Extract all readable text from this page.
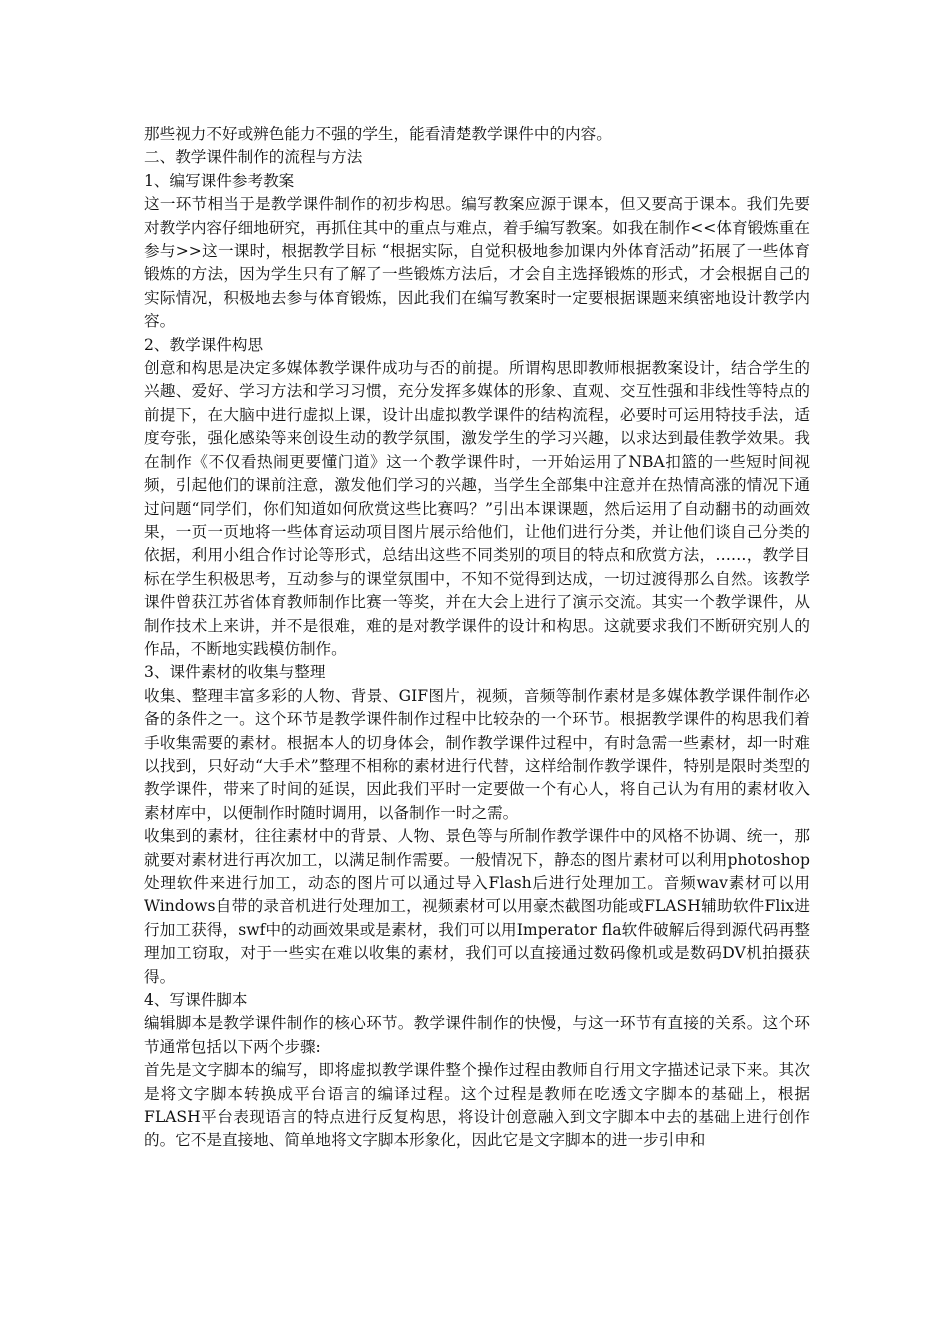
那些视力不好或辨色能力不强的学生，能看清楚教学课件中的内容。

二、教学课件制作的流程与方法

1、编写课件参考教案

这一环节相当于是教学课件制作的初步构思。编写教案应源于课本，但又要高于课本。我们先要对教学内容仔细地研究，再抓住其中的重点与难点，着手编写教案。如我在制作<<体育锻炼重在参与>>这一课时，根据教学目标 “根据实际，自觉积极地参加课内外体育活动”拓展了一些体育锻炼的方法，因为学生只有了解了一些锻炼方法后，才会自主选择锻炼的形式，才会根据自己的实际情况，积极地去参与体育锻炼，因此我们在编写教案时一定要根据课题来缜密地设计教学内容。

2、教学课件构思

创意和构思是决定多媒体教学课件成功与否的前提。所谓构思即教师根据教案设计，结合学生的兴趣、爱好、学习方法和学习习惯，充分发挥多媒体的形象、直观、交互性强和非线性等特点的前提下，在大脑中进行虚拟上课，设计出虚拟教学课件的结构流程，必要时可运用特技手法，适度夸张，强化感染等来创设生动的教学氛围，激发学生的学习兴趣，以求达到最佳教学效果。我在制作《不仅看热闹更要懂门道》这一个教学课件时，一开始运用了NBA扣篮的一些短时间视频，引起他们的课前注意，激发他们学习的兴趣，当学生全部集中注意并在热情高涨的情况下通过问题“同学们，你们知道如何欣赏这些比赛吗？”引出本课课题，然后运用了自动翻书的动画效果，一页一页地将一些体育运动项目图片展示给他们，让他们进行分类，并让他们谈自己分类的依据，利用小组合作讨论等形式，总结出这些不同类别的项目的特点和欣赏方法，……，教学目标在学生积极思考，互动参与的课堂氛围中，不知不觉得到达成，一切过渡得那么自然。该教学课件曾获江苏省体育教师制作比赛一等奖，并在大会上进行了演示交流。其实一个教学课件，从制作技术上来讲，并不是很难，难的是对教学课件的设计和构思。这就要求我们不断研究别人的作品，不断地实践模仿制作。

3、课件素材的收集与整理

收集、整理丰富多彩的人物、背景、GIF图片，视频，音频等制作素材是多媒体教学课件制作必备的条件之一。这个环节是教学课件制作过程中比较杂的一个环节。根据教学课件的构思我们着手收集需要的素材。根据本人的切身体会，制作教学课件过程中，有时急需一些素材，却一时难以找到，只好动“大手术”整理不相称的素材进行代替，这样给制作教学课件，特别是限时类型的教学课件，带来了时间的延误，因此我们平时一定要做一个有心人，将自己认为有用的素材收入素材库中，以便制作时随时调用，以备制作一时之需。

收集到的素材，往往素材中的背景、人物、景色等与所制作教学课件中的风格不协调、统一，那就要对素材进行再次加工，以满足制作需要。一般情况下，静态的图片素材可以利用photoshop处理软件来进行加工，动态的图片可以通过导入Flash后进行处理加工。音频wav素材可以用Windows自带的录音机进行处理加工，视频素材可以用豪杰截图功能或FLASH辅助软件Flix进行加工获得，swf中的动画效果或是素材，我们可以用Imperator fla软件破解后得到源代码再整理加工窃取，对于一些实在难以收集的素材，我们可以直接通过数码像机或是数码DV机拍摄获得。

4、写课件脚本

编辑脚本是教学课件制作的核心环节。教学课件制作的快慢，与这一环节有直接的关系。这个环节通常包括以下两个步骤:

首先是文字脚本的编写，即将虚拟教学课件整个操作过程由教师自行用文字描述记录下来。其次是将文字脚本转换成平台语言的编译过程。这个过程是教师在吃透文字脚本的基础上，根据FLASH平台表现语言的特点进行反复构思，将设计创意融入到文字脚本中去的基础上进行创作的。它不是直接地、简单地将文字脚本形象化，因此它是文字脚本的进一步引申和
